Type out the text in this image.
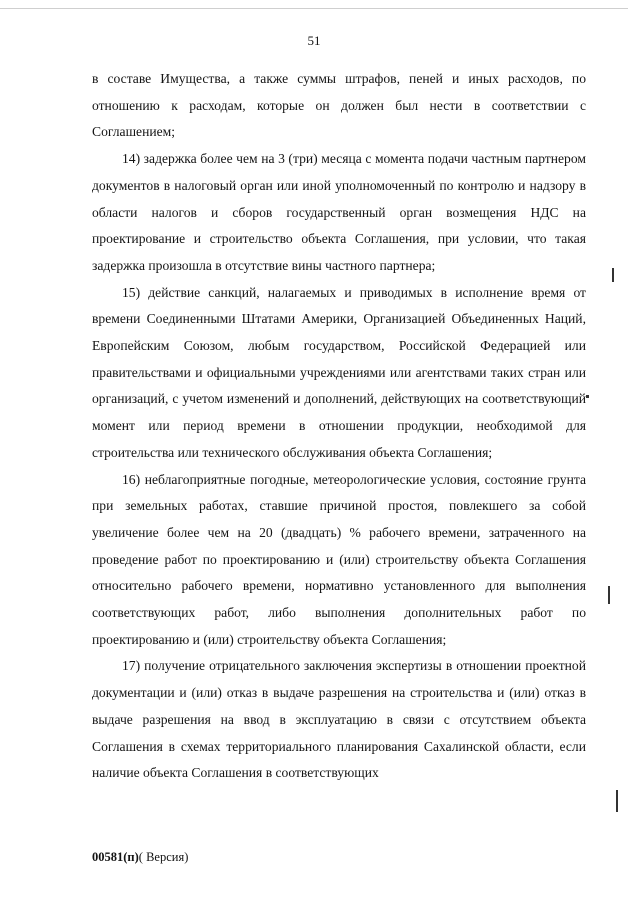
51

в составе Имущества, а также суммы штрафов, пеней и иных расходов, по отношению к расходам, которые он должен был нести в соответствии с Соглашением;

14) задержка более чем на 3 (три) месяца с момента подачи частным партнером документов в налоговый орган или иной уполномоченный по контролю и надзору в области налогов и сборов государственный орган возмещения НДС на проектирование и строительство объекта Соглашения, при условии, что такая задержка произошла в отсутствие вины частного партнера;

15) действие санкций, налагаемых и приводимых в исполнение время от времени Соединенными Штатами Америки, Организацией Объединенных Наций, Европейским Союзом, любым государством, Российской Федерацией или правительствами и официальными учреждениями или агентствами таких стран или организаций, с учетом изменений и дополнений, действующих на соответствующий момент или период времени в отношении продукции, необходимой для строительства или технического обслуживания объекта Соглашения;

16) неблагоприятные погодные, метеорологические условия, состояние грунта при земельных работах, ставшие причиной простоя, повлекшего за собой увеличение более чем на 20 (двадцать) % рабочего времени, затраченного на проведение работ по проектированию и (или) строительству объекта Соглашения относительно рабочего времени, нормативно установленного для выполнения соответствующих работ, либо выполнения дополнительных работ по проектированию и (или) строительству объекта Соглашения;

17) получение отрицательного заключения экспертизы в отношении проектной документации и (или) отказ в выдаче разрешения на строительства и (или) отказ в выдаче разрешения на ввод в эксплуатацию в связи с отсутствием объекта Соглашения в схемах территориального планирования Сахалинской области, если наличие объекта Соглашения в соответствующих

00581(п)( Версия)
